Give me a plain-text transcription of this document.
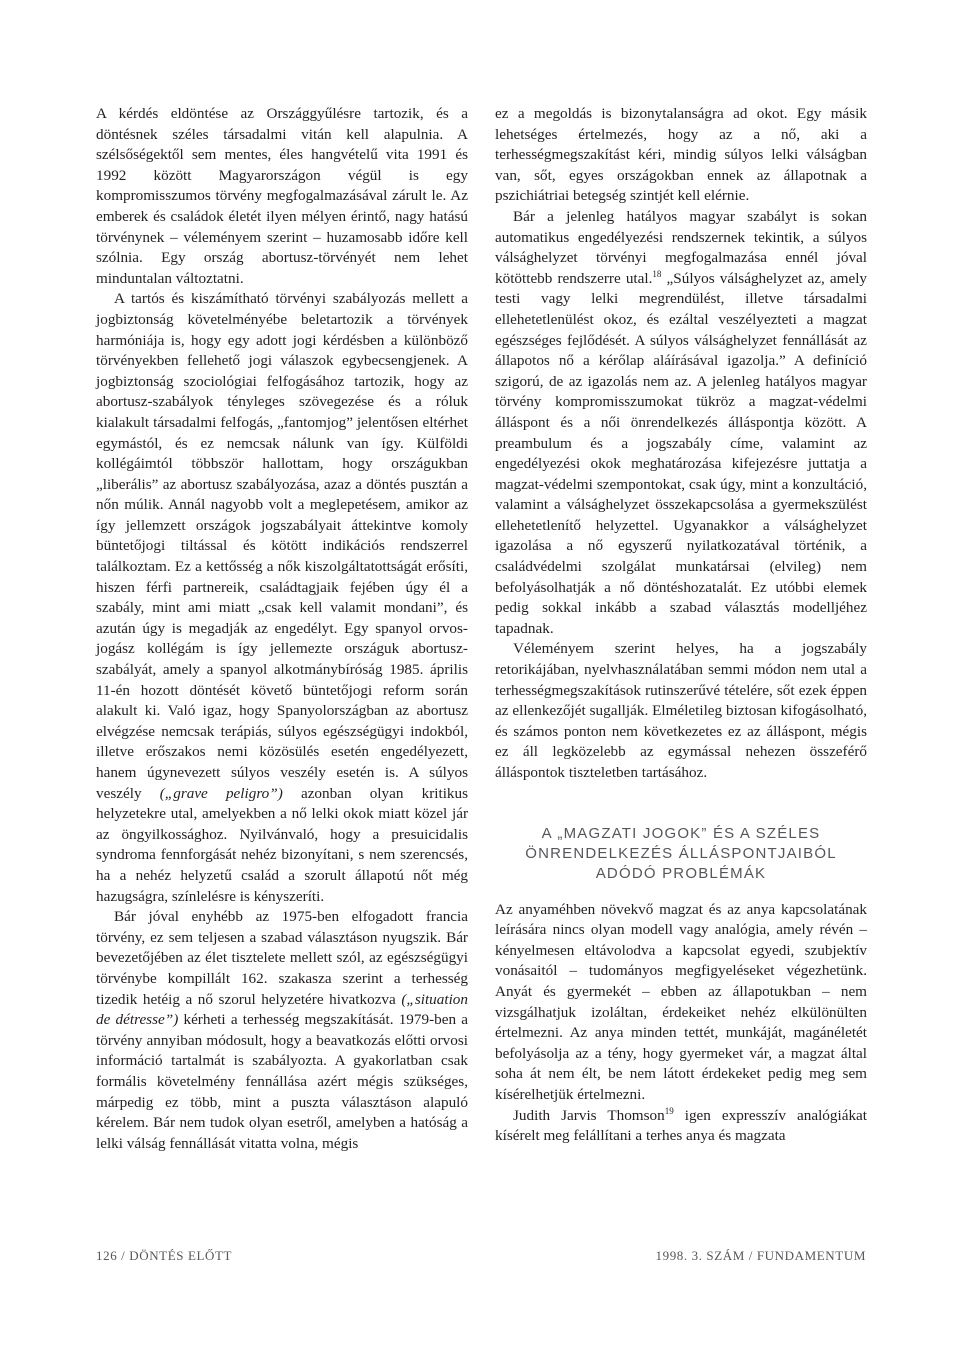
A kérdés eldöntése az Országgyűlésre tartozik, és a döntésnek széles társadalmi vitán kell alapulnia. A szélsőségektől sem mentes, éles hangvételű vita 1991 és 1992 között Magyarországon végül is egy kompromisszumos törvény megfogalmazásával zárult le. Az emberek és családok életét ilyen mélyen érintő, nagy hatású törvénynek – véleményem szerint – huzamosabb időre kell szólnia. Egy ország abortusz-törvényét nem lehet minduntalan változtatni.

A tartós és kiszámítható törvényi szabályozás mellett a jogbiztonság követelményébe beletartozik a törvények harmóniája is, hogy egy adott jogi kérdésben a különböző törvényekben fellehető jogi válaszok egybecsengjenek. A jogbiztonság szociológiai felfogásához tartozik, hogy az abortusz-szabályok tényleges szövegezése és a róluk kialakult társadalmi felfogás, „fantomjog” jelentősen eltérhet egymástól, és ez nemcsak nálunk van így. Külföldi kollégáimtól többször hallottam, hogy országukban „liberális” az abortusz szabályozása, azaz a döntés pusztán a nőn múlik. Annál nagyobb volt a meglepetésem, amikor az így jellemzett országok jogszabályait áttekintve komoly büntetőjogi tiltással és kötött indikációs rendszerrel találkoztam. Ez a kettősség a nők kiszolgáltatottságát erősíti, hiszen férfi partnereik, családtagjaik fejében úgy él a szabály, mint ami miatt „csak kell valamit mondani”, és azután úgy is megadják az engedélyt. Egy spanyol orvos-jogász kollégám is így jellemezte országuk abortusz-szabályát, amely a spanyol alkotmánybíróság 1985. április 11-én hozott döntését követő büntetőjogi reform során alakult ki. Való igaz, hogy Spanyolországban az abortusz elvégzése nemcsak terápiás, súlyos egészségügyi indokból, illetve erőszakos nemi közösülés esetén engedélyezett, hanem úgynevezett súlyos veszély esetén is. A súlyos veszély („grave peligro”) azonban olyan kritikus helyzetekre utal, amelyekben a nő lelki okok miatt közel jár az öngyilkossághoz. Nyilvánvaló, hogy a presuicidalis syndroma fennforgását nehéz bizonyítani, s nem szerencsés, ha a nehéz helyzetű család a szorult állapotú nőt még hazugságra, színlelésre is kényszeríti.

Bár jóval enyhébb az 1975-ben elfogadott francia törvény, ez sem teljesen a szabad választáson nyugszik. Bár bevezetőjében az élet tisztelete mellett szól, az egészségügyi törvénybe kompillált 162. szakasza szerint a terhesség tizedik hetéig a nő szorul helyzetére hivatkozva („situation de détresse”) kérheti a terhesség megszakítását. 1979-ben a törvény annyiban módosult, hogy a beavatkozás előtti orvosi információ tartalmát is szabályozta. A gyakorlatban csak formális követelmény fennállása azért mégis szükséges, márpedig ez több, mint a puszta választáson alapuló kérelem. Bár nem tudok olyan esetről, amelyben a hatóság a lelki válság fennállását vitatta volna, mégis

ez a megoldás is bizonytalanságra ad okot. Egy másik lehetséges értelmezés, hogy az a nő, aki a terhességmegszakítást kéri, mindig súlyos lelki válságban van, sőt, egyes országokban ennek az állapotnak a pszichiátriai betegség szintjét kell elérnie.

Bár a jelenleg hatályos magyar szabályt is sokan automatikus engedélyezési rendszernek tekintik, a súlyos válsághelyzet törvényi megfogalmazása ennél jóval kötöttebb rendszerre utal.$^{18}$ „Súlyos válsághelyzet az, amely testi vagy lelki megrendülést, illetve társadalmi ellehetetlenülést okoz, és ezáltal veszélyezteti a magzat egészséges fejlődését. A súlyos válsághelyzet fennállását az állapotos nő a kérőlap aláírásával igazolja.” A definíció szigorú, de az igazolás nem az. A jelenleg hatályos magyar törvény kompromisszumokat tükröz a magzat-védelmi álláspont és a női önrendelkezés álláspontja között. A preambulum és a jogszabály címe, valamint az engedélyezési okok meghatározása kifejezésre juttatja a magzat-védelmi szempontokat, csak úgy, mint a konzultáció, valamint a válsághelyzet összekapcsolása a gyermekszülést ellehetetlenítő helyzettel. Ugyanakkor a válsághelyzet igazolása a nő egyszerű nyilatkozatával történik, a családvédelmi szolgálat munkatársai (elvileg) nem befolyásolhatják a nő döntéshozatalát. Ez utóbbi elemek pedig sokkal inkább a szabad választás modelljéhez tapadnak.

Véleményem szerint helyes, ha a jogszabály retorikájában, nyelvhasználatában semmi módon nem utal a terhességmegszakítások rutinszerűvé tételére, sőt ezek éppen az ellenkezőjét sugallják. Elméletileg biztosan kifogásolható, és számos ponton nem következetes ez az álláspont, mégis ez áll legközelebb az egymással nehezen összeférő álláspontok tiszteletben tartásához.

A „MAGZATI JOGOK” ÉS A SZÉLES ÖNRENDELKEZÉS ÁLLÁSPONTJAIBÓL ADÓDÓ PROBLÉMÁK

Az anyaméhben növekvő magzat és az anya kapcsolatának leírására nincs olyan modell vagy analógia, amely révén – kényelmesen eltávolodva a kapcsolat egyedi, szubjektív vonásaitól – tudományos megfigyeléseket végezhetünk. Anyát és gyermekét – ebben az állapotukban – nem vizsgálhatjuk izoláltan, érdekeiket nehéz elkülönülten értelmezni. Az anya minden tettét, munkáját, magánéletét befolyásolja az a tény, hogy gyermeket vár, a magzat által soha át nem élt, be nem látott érdekeket pedig meg sem kísérelhetjük értelmezni.

Judith Jarvis Thomson$^{19}$ igen expresszív analógiákat kísérelt meg felállítani a terhes anya és magzata

126 / DÖNTÉS ELŐTT	1998. 3. SZÁM / FUNDAMENTUM
